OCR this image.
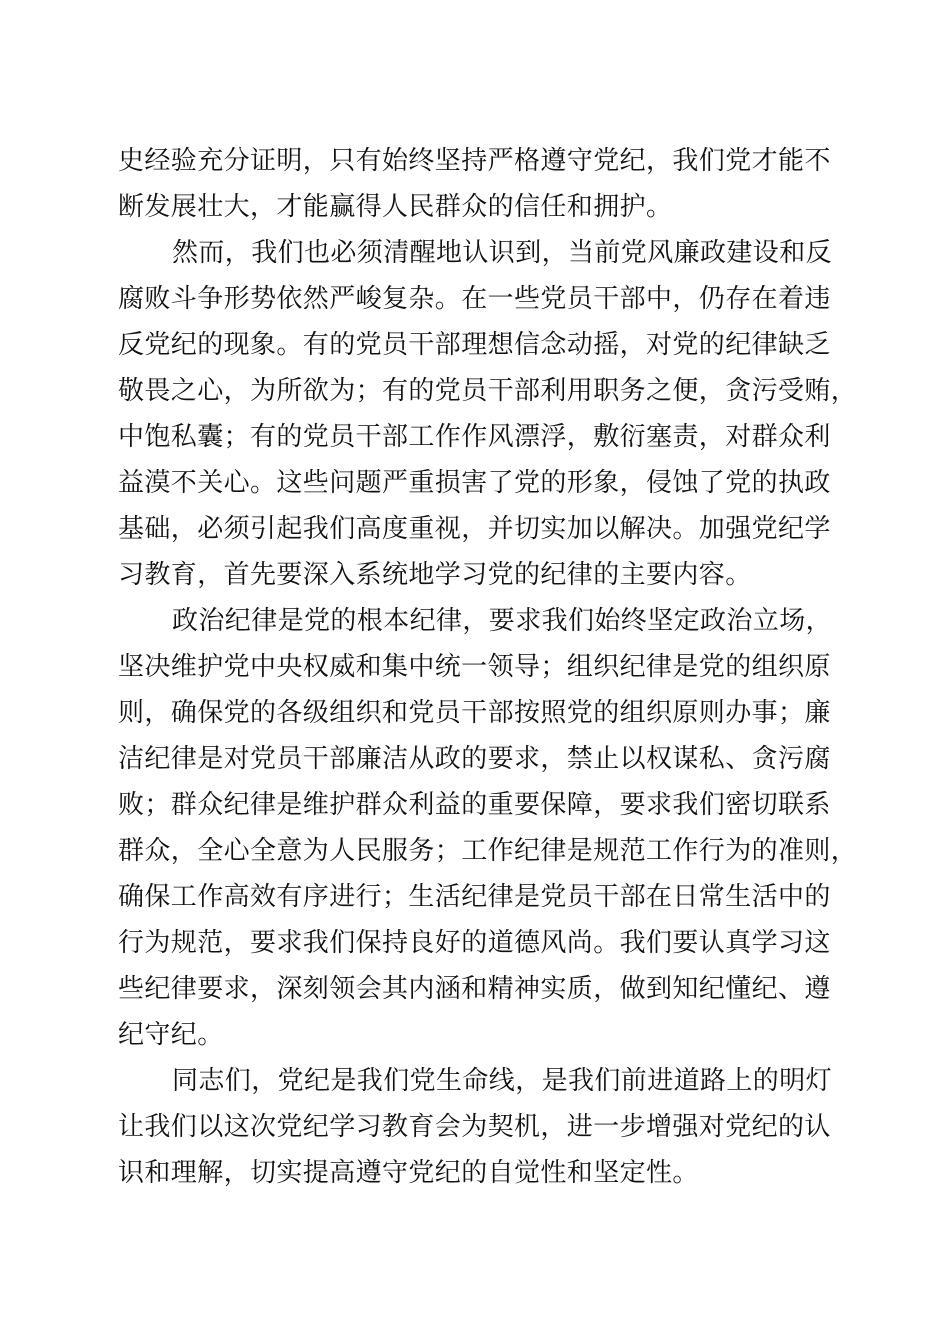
史经验充分证明，只有始终坚持严格遵守党纪，我们党才能不
断发展壮大，才能赢得人民群众的信任和拥护。
然而，我们也必须清醒地认识到，当前党风廉政建设和反
腐败斗争形势依然严峻复杂。在一些党员干部中，仍存在着违
反党纪的现象。有的党员干部理想信念动摇，对党的纪律缺乏
敬畏之心，为所欲为；有的党员干部利用职务之便，贪污受贿，
中饱私囊；有的党员干部工作作风漂浮，敷衍塞责，对群众利
益漠不关心。这些问题严重损害了党的形象，侵蚀了党的执政
基础，必须引起我们高度重视，并切实加以解决。加强党纪学
习教育，首先要深入系统地学习党的纪律的主要内容。
政治纪律是党的根本纪律，要求我们始终坚定政治立场，
坚决维护党中央权威和集中统一领导；组织纪律是党的组织原
则，确保党的各级组织和党员干部按照党的组织原则办事；廉
洁纪律是对党员干部廉洁从政的要求，禁止以权谋私、贪污腐
败；群众纪律是维护群众利益的重要保障，要求我们密切联系
群众，全心全意为人民服务；工作纪律是规范工作行为的准则，
确保工作高效有序进行；生活纪律是党员干部在日常生活中的
行为规范，要求我们保持良好的道德风尚。我们要认真学习这
些纪律要求，深刻领会其内涵和精神实质，做到知纪懂纪、遵
纪守纪。
同志们，党纪是我们党生命线，是我们前进道路上的明灯
让我们以这次党纪学习教育会为契机，进一步增强对党纪的认
识和理解，切实提高遵守党纪的自觉性和坚定性。
